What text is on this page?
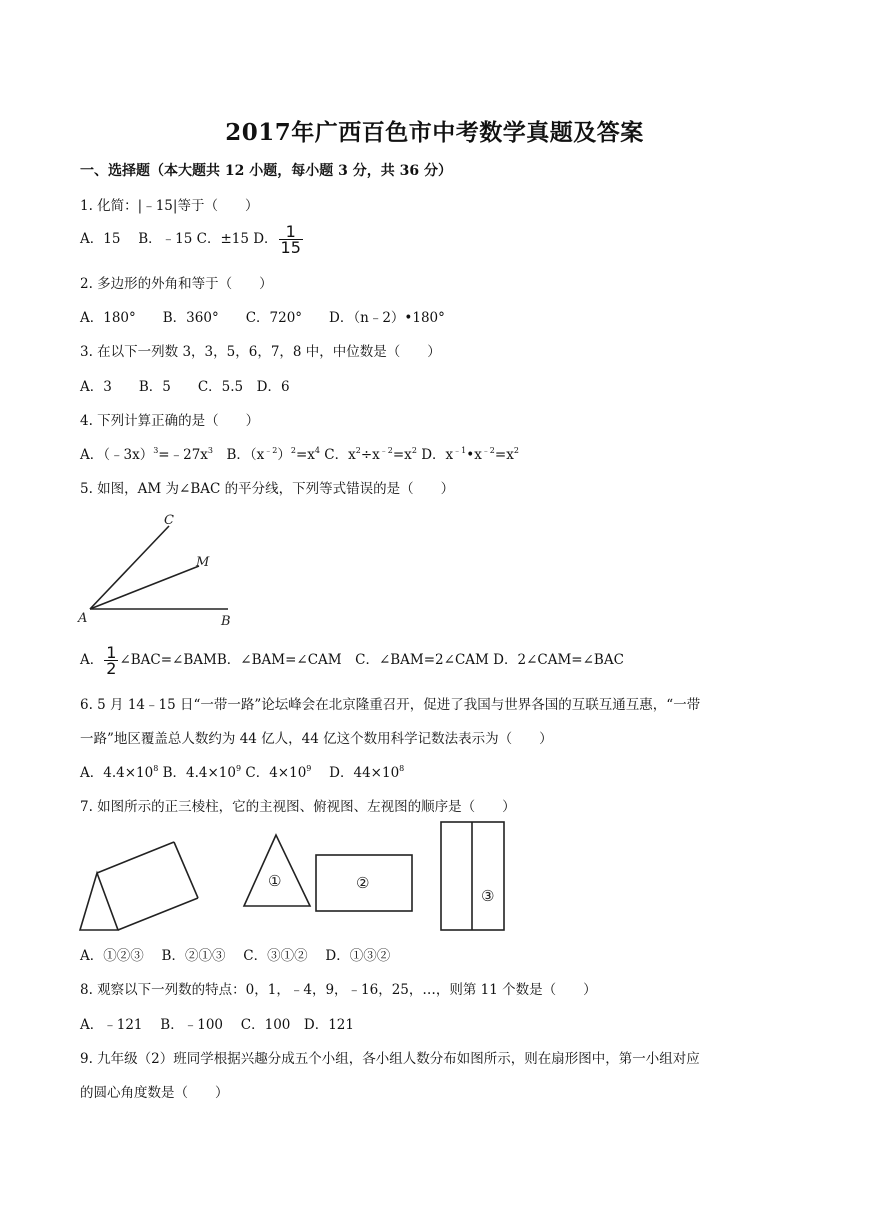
2017年广西百色市中考数学真题及答案
一、选择题（本大题共 12 小题，每小题 3 分，共 36 分）
1. 化简：|﹣15|等于（　　）
A．15　 B．﹣15 C．±15 D． $\frac{1}{15}$
2. 多边形的外角和等于（　　）
A．180°　　B．360°　　C．720°　　D．（n﹣2）•180°
3. 在以下一列数 3，3，5，6，7，8 中，中位数是（　　）
A．3　　B．5　　C．5.5　D．6
4. 下列计算正确的是（　　）
A．$(﹣3x)^3=﹣27x^3$　B．$(x^{﹣2})^2=x^4$ C．$x^2\div x^{﹣2}=x^2$ D．$x^{﹣1}•x^{﹣2}=x^2$
5. 如图，AM 为∠BAC 的平分线，下列等式错误的是（　　）
C
M
A	B
A． $\frac{1}{2}$ ∠BAC=∠BAMB．∠BAM=∠CAM　C．∠BAM=2∠CAM D．2∠CAM=∠BAC
6. 5 月 14﹣15 日“一带一路”论坛峰会在北京隆重召开，促进了我国与世界各国的互联互通互惠，“一带
一路”地区覆盖总人数约为 44 亿人，44 亿这个数用科学记数法表示为（　　）
A．$4.4\times 10^8$ B．$4.4\times 10^9$ C．$4\times 10^9$　 D．$44\times 10^8$
7. 如图所示的正三棱柱，它的主视图、俯视图、左视图的顺序是（　　）
①	②
③
A．①②③　 B．②①③　 C．③①②　 D．①③②
8. 观察以下一列数的特点：0，1，﹣4，9，﹣16，25，…，则第 11 个数是（　　）
A．﹣121　 B．﹣100　 C．100　D．121
9. 九年级（2）班同学根据兴趣分成五个小组，各小组人数分布如图所示，则在扇形图中，第一小组对应
的圆心角度数是（　　）
